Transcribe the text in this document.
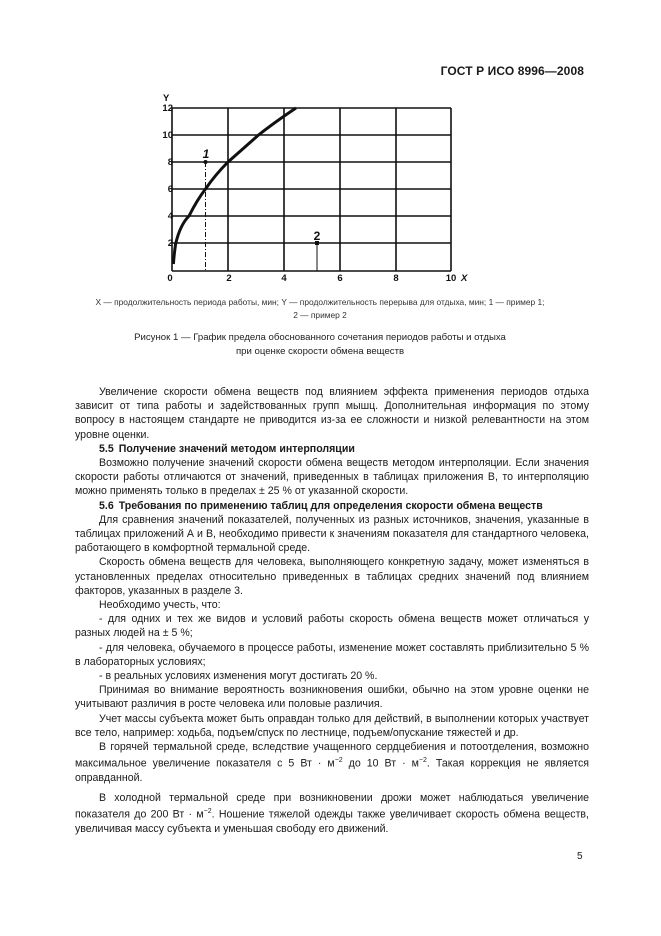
ГОСТ Р ИСО 8996—2008
Y
12
10
8
6
4
2
0	2	4	6	8	10 X
1
2
X — продолжительность периода работы, мин; Y — продолжительность перерыва для отдыха, мин; 1 — пример 1;
2 — пример 2
Рисунок 1 — График предела обоснованного сочетания периодов работы и отдыха
при оценке скорости обмена веществ

Увеличение скорости обмена веществ под влиянием эффекта применения периодов отдыха зависит от типа работы и задействованных групп мышц. Дополнительная информация по этому вопросу в настоящем стандарте не приводится из-за ее сложности и низкой релевантности на этом уровне оценки.

5.5 Получение значений методом интерполяции

Возможно получение значений скорости обмена веществ методом интерполяции. Если значения скорости работы отличаются от значений, приведенных в таблицах приложения B, то интерполяцию можно применять только в пределах ± 25 % от указанной скорости.

5.6 Требования по применению таблиц для определения скорости обмена веществ

Для сравнения значений показателей, полученных из разных источников, значения, указанные в таблицах приложений А и В, необходимо привести к значениям показателя для стандартного человека, работающего в комфортной термальной среде.

Скорость обмена веществ для человека, выполняющего конкретную задачу, может изменяться в установленных пределах относительно приведенных в таблицах средних значений под влиянием факторов, указанных в разделе 3.

Необходимо учесть, что:

- для одних и тех же видов и условий работы скорость обмена веществ может отличаться у разных людей на ± 5 %;

- для человека, обучаемого в процессе работы, изменение может составлять приблизительно 5 % в лабораторных условиях;

- в реальных условиях изменения могут достигать 20 %.

Принимая во внимание вероятность возникновения ошибки, обычно на этом уровне оценки не учитывают различия в росте человека или половые различия.

Учет массы субъекта может быть оправдан только для действий, в выполнении которых участвует все тело, например: ходьба, подъем/спуск по лестнице, подъем/опускание тяжестей и др.

В горячей термальной среде, вследствие учащенного сердцебиения и потоотделения, возможно максимальное увеличение показателя с 5 Вт · $м^{-2}$ до 10 Вт · $м^{-2}$. Такая коррекция не является оправданной.

В холодной термальной среде при возникновении дрожи может наблюдаться увеличение показателя до 200 Вт · $м^{-2}$. Ношение тяжелой одежды также увеличивает скорость обмена веществ, увеличивая массу субъекта и уменьшая свободу его движений.

5
